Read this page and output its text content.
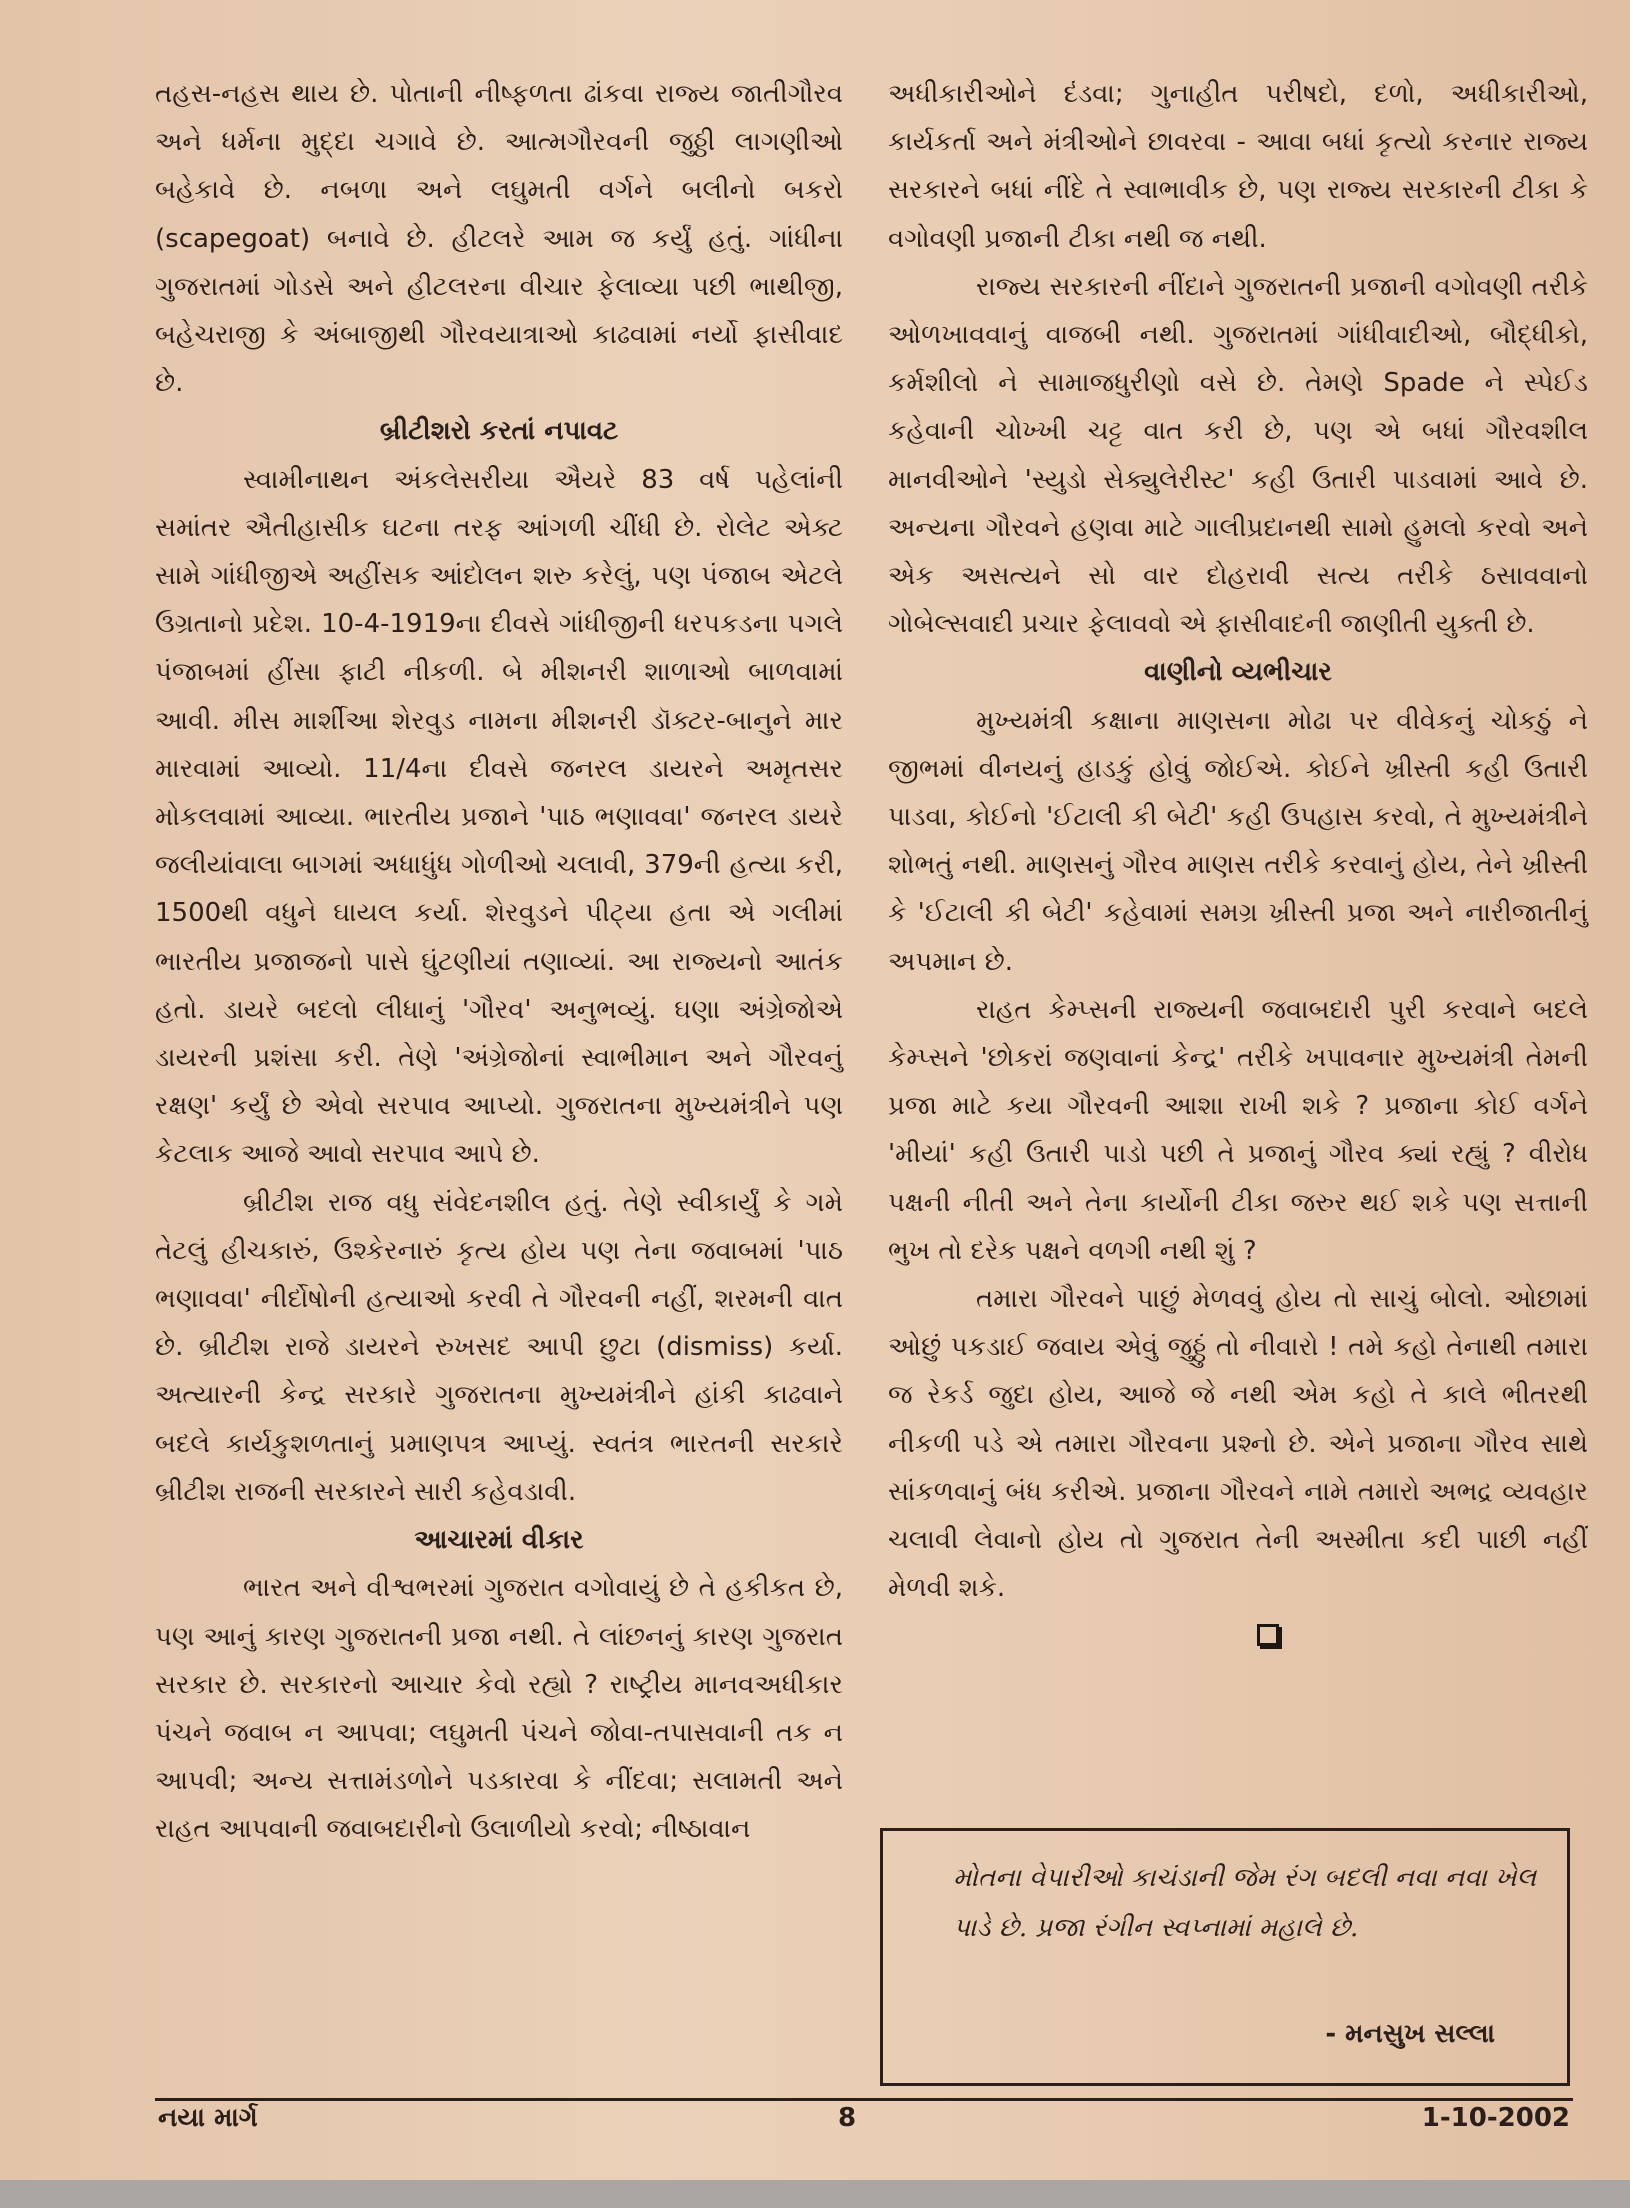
તહસ-નહસ થાય છે. પોતાની નીષ્ફળતા ઢાંકવા રાજ્ય જાતીગૌરવ અને ધર્મના મુદ્દા ચગાવે છે. આત્મગૌરવની જુઠ્ઠી લાગણીઓ બહેકાવે છે. નબળા અને લઘુમતી વર્ગને બલીનો બકરો (scapegoat) બનાવે છે. હીટલરે આમ જ કર્યું હતું. ગાંધીના ગુજરાતમાં ગોડસે અને હીટલરના વીચાર ફેલાવ્યા પછી ભાથીજી, બહેચરાજી કે અંબાજીથી ગૌરવયાત્રાઓ કાઢવામાં નર્યો ફાસીવાદ છે.

બ્રીટીશરો કરતાં નપાવટ

સ્વામીનાથન અંકલેસરીયા ઐયરે 83 વર્ષ પહેલાંની સમાંતર ઐતીહાસીક ઘટના તરફ આંગળી ચીંધી છે. રોલેટ એક્ટ સામે ગાંધીજીએ અહીંસક આંદોલન શરુ કરેલું, પણ પંજાબ એટલે ઉગ્રતાનો પ્રદેશ. 10-4-1919ના દીવસે ગાંધીજીની ધરપકડના પગલે પંજાબમાં હીંસા ફાટી નીકળી. બે મીશનરી શાળાઓ બાળવામાં આવી. મીસ માર્શીઆ શેરવુડ નામના મીશનરી ડૉક્ટર-બાનુને માર મારવામાં આવ્યો. 11/4ના દીવસે જનરલ ડાયરને અમૃતસર મોકલવામાં આવ્યા. ભારતીય પ્રજાને 'પાઠ ભણાવવા' જનરલ ડાયરે જલીયાંવાલા બાગમાં અધાધુંધ ગોળીઓ ચલાવી, 379ની હત્યા કરી, 1500થી વધુને ઘાયલ કર્યા. શેરવુડને પીટ્યા હતા એ ગલીમાં ભારતીય પ્રજાજનો પાસે ઘુંટણીયાં તણાવ્યાં. આ રાજ્યનો આતંક હતો. ડાયરે બદલો લીધાનું 'ગૌરવ' અનુભવ્યું. ઘણા અંગ્રેજોએ ડાયરની પ્રશંસા કરી. તેણે 'અંગ્રેજોનાં સ્વાભીમાન અને ગૌરવનું રક્ષણ' કર્યું છે એવો સરપાવ આપ્યો. ગુજરાતના મુખ્યમંત્રીને પણ કેટલાક આજે આવો સરપાવ આપે છે.

બ્રીટીશ રાજ વધુ સંવેદનશીલ હતું. તેણે સ્વીકાર્યું કે ગમે તેટલું હીચકારું, ઉશ્કેરનારું કૃત્ય હોય પણ તેના જવાબમાં 'પાઠ ભણાવવા' નીર્દોષોની હત્યાઓ કરવી તે ગૌરવની નહીં, શરમની વાત છે. બ્રીટીશ રાજે ડાયરને રુખસદ આપી છુટા (dismiss) કર્યા. અત્યારની કેન્દ્ર સરકારે ગુજરાતના મુખ્યમંત્રીને હાંકી કાઢવાને બદલે કાર્યકુશળતાનું પ્રમાણપત્ર આપ્યું. સ્વતંત્ર ભારતની સરકારે બ્રીટીશ રાજની સરકારને સારી કહેવડાવી.

આચારમાં વીકાર

ભારત અને વીશ્વભરમાં ગુજરાત વગોવાયું છે તે હકીકત છે, પણ આનું કારણ ગુજરાતની પ્રજા નથી. તે લાંછનનું કારણ ગુજરાત સરકાર છે. સરકારનો આચાર કેવો રહ્યો ? રાષ્ટ્રીય માનવઅધીકાર પંચને જવાબ ન આપવા; લઘુમતી પંચને જોવા-તપાસવાની તક ન આપવી; અન્ય સત્તામંડળોને પડકારવા કે નીંદવા; સલામતી અને રાહત આપવાની જવાબદારીનો ઉલાળીયો કરવો; નીષ્ઠાવાન

અધીકારીઓને દંડવા; ગુનાહીત પરીષદો, દળો, અધીકારીઓ, કાર્યકર્તા અને મંત્રીઓને છાવરવા - આવા બધાં કૃત્યો કરનાર રાજ્ય સરકારને બધાં નીંદે તે સ્વાભાવીક છે, પણ રાજ્ય સરકારની ટીકા કે વગોવણી પ્રજાની ટીકા નથી જ નથી.

રાજ્ય સરકારની નીંદાને ગુજરાતની પ્રજાની વગોવણી તરીકે ઓળખાવવાનું વાજબી નથી. ગુજરાતમાં ગાંધીવાદીઓ, બૌદ્ધીકો, કર્મશીલો ને સામાજધુરીણો વસે છે. તેમણે Spade ને સ્પેઈડ કહેવાની ચોખ્ખી ચટ્ટ વાત કરી છે, પણ એ બધાં ગૌરવશીલ માનવીઓને 'સ્યુડો સેક્યુલેરીસ્ટ' કહી ઉતારી પાડવામાં આવે છે. અન્યના ગૌરવને હણવા માટે ગાલીપ્રદાનથી સામો હુમલો કરવો અને એક અસત્યને સો વાર દોહરાવી સત્ય તરીકે ઠસાવવાનો ગોબેલ્સવાદી પ્રચાર ફેલાવવો એ ફાસીવાદની જાણીતી યુક્તી છે.

વાણીનો વ્યભીચાર

મુખ્યમંત્રી કક્ષાના માણસના મોઢા પર વીવેકનું ચોકઠું ને જીભમાં વીનયનું હાડકું હોવું જોઈએ. કોઈને ખ્રીસ્તી કહી ઉતારી પાડવા, કોઈનો 'ઈટાલી કી બેટી' કહી ઉપહાસ કરવો, તે મુખ્યમંત્રીને શોભતું નથી. માણસનું ગૌરવ માણસ તરીકે કરવાનું હોય, તેને ખ્રીસ્તી કે 'ઈટાલી કી બેટી' કહેવામાં સમગ્ર ખ્રીસ્તી પ્રજા અને નારીજાતીનું અપમાન છે.

રાહત કેમ્પ્સની રાજ્યની જવાબદારી પુરી કરવાને બદલે કેમ્પ્સને 'છોકરાં જણવાનાં કેન્દ્ર' તરીકે ખપાવનાર મુખ્યમંત્રી તેમની પ્રજા માટે કયા ગૌરવની આશા રાખી શકે ? પ્રજાના કોઈ વર્ગને 'મીયાં' કહી ઉતારી પાડો પછી તે પ્રજાનું ગૌરવ ક્યાં રહ્યું ? વીરોધ પક્ષની નીતી અને તેના કાર્યોની ટીકા જરુર થઈ શકે પણ સત્તાની ભુખ તો દરેક પક્ષને વળગી નથી શું ?

તમારા ગૌરવને પાછું મેળવવું હોય તો સાચું બોલો. ઓછામાં ઓછું પકડાઈ જવાય એવું જુઠ્ઠું તો નીવારો ! તમે કહો તેનાથી તમારા જ રેકર્ડ જુદા હોય, આજે જે નથી એમ કહો તે કાલે ભીતરથી નીકળી પડે એ તમારા ગૌરવના પ્રશ્નો છે. એને પ્રજાના ગૌરવ સાથે સાંકળવાનું બંધ કરીએ. પ્રજાના ગૌરવને નામે તમારો અભદ્ર વ્યવહાર ચલાવી લેવાનો હોય તો ગુજરાત તેની અસ્મીતા કદી પાછી નહીં મેળવી શકે.

મોતના વેપારીઓ કાચંડાની જેમ રંગ બદલી નવા નવા ખેલ પાડે છે. પ્રજા રંગીન સ્વપ્નામાં મહાલે છે.
- મનસુખ સલ્લા
નયા માર્ગ	8	1-10-2002
